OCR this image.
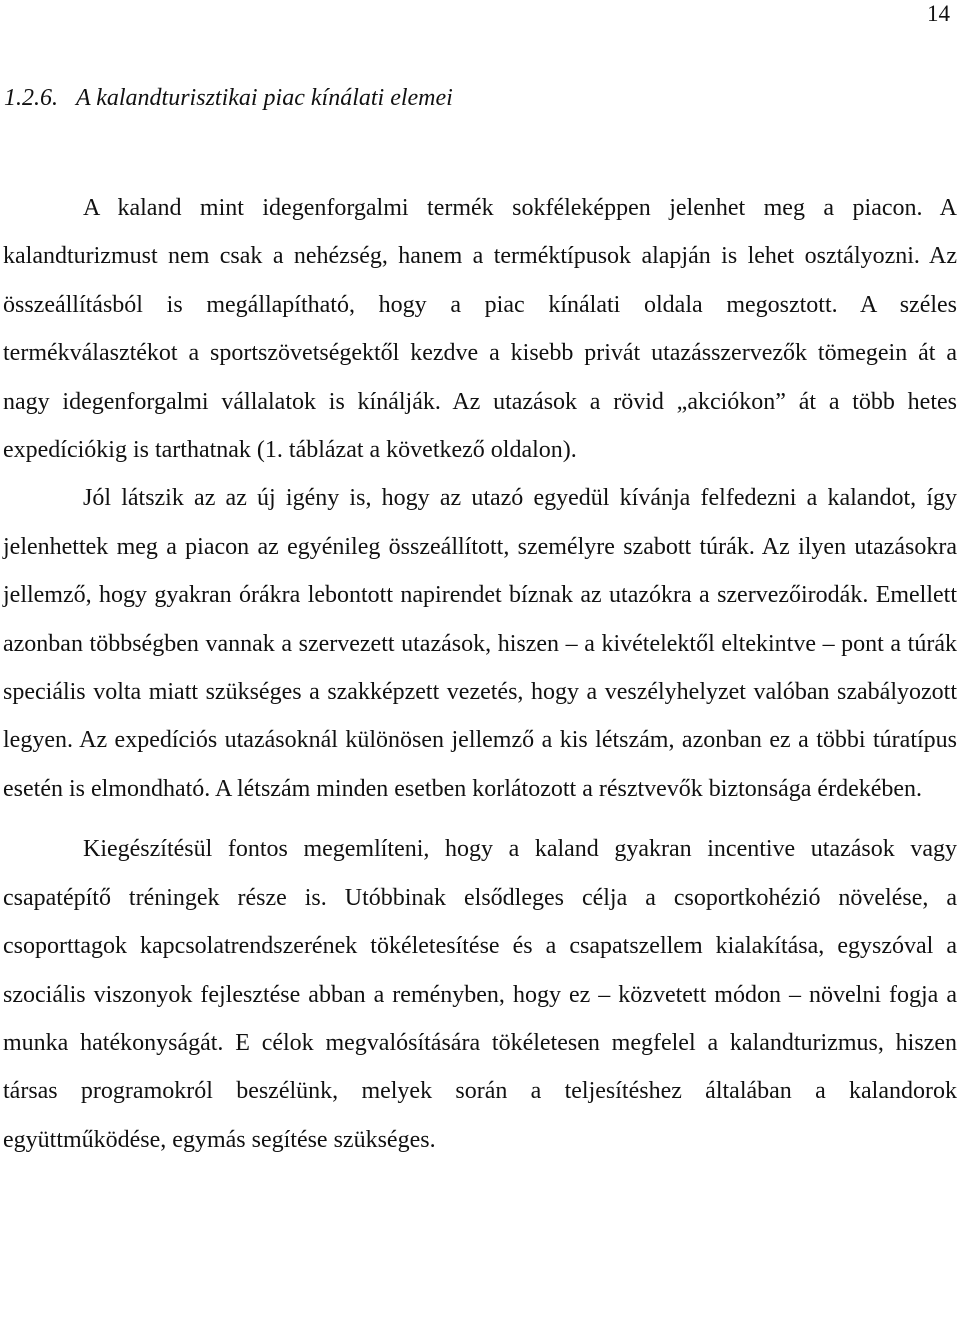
14
1.2.6. A kalandturisztikai piac kínálati elemei

A kaland mint idegenforgalmi termék sokféleképpen jelenhet meg a piacon. A kalandturizmust nem csak a nehézség, hanem a terméktípusok alapján is lehet osztályozni. Az összeállításból is megállapítható, hogy a piac kínálati oldala megosztott. A széles termékválasztékot a sportszövetségektől kezdve a kisebb privát utazásszervezők tömegein át a nagy idegenforgalmi vállalatok is kínálják. Az utazások a rövid „akciókon” át a több hetes expedíciókig is tarthatnak (1. táblázat a következő oldalon).

Jól látszik az az új igény is, hogy az utazó egyedül kívánja felfedezni a kalandot, így jelenhettek meg a piacon az egyénileg összeállított, személyre szabott túrák. Az ilyen utazásokra jellemző, hogy gyakran órákra lebontott napirendet bíznak az utazókra a szervezőirodák. Emellett azonban többségben vannak a szervezett utazások, hiszen – a kivételektől eltekintve – pont a túrák speciális volta miatt szükséges a szakképzett vezetés, hogy a veszélyhelyzet valóban szabályozott legyen. Az expedíciós utazásoknál különösen jellemző a kis létszám, azonban ez a többi túratípus esetén is elmondható. A létszám minden esetben korlátozott a résztvevők biztonsága érdekében.

Kiegészítésül fontos megemlíteni, hogy a kaland gyakran incentive utazások vagy csapatépítő tréningek része is. Utóbbinak elsődleges célja a csoportkohézió növelése, a csoporttagok kapcsolatrendszerének tökéletesítése és a csapatszellem kialakítása, egyszóval a szociális viszonyok fejlesztése abban a reményben, hogy ez – közvetett módon – növelni fogja a munka hatékonyságát. E célok megvalósítására tökéletesen megfelel a kalandturizmus, hiszen társas programokról beszélünk, melyek során a teljesítéshez általában a kalandorok együttműködése, egymás segítése szükséges.
